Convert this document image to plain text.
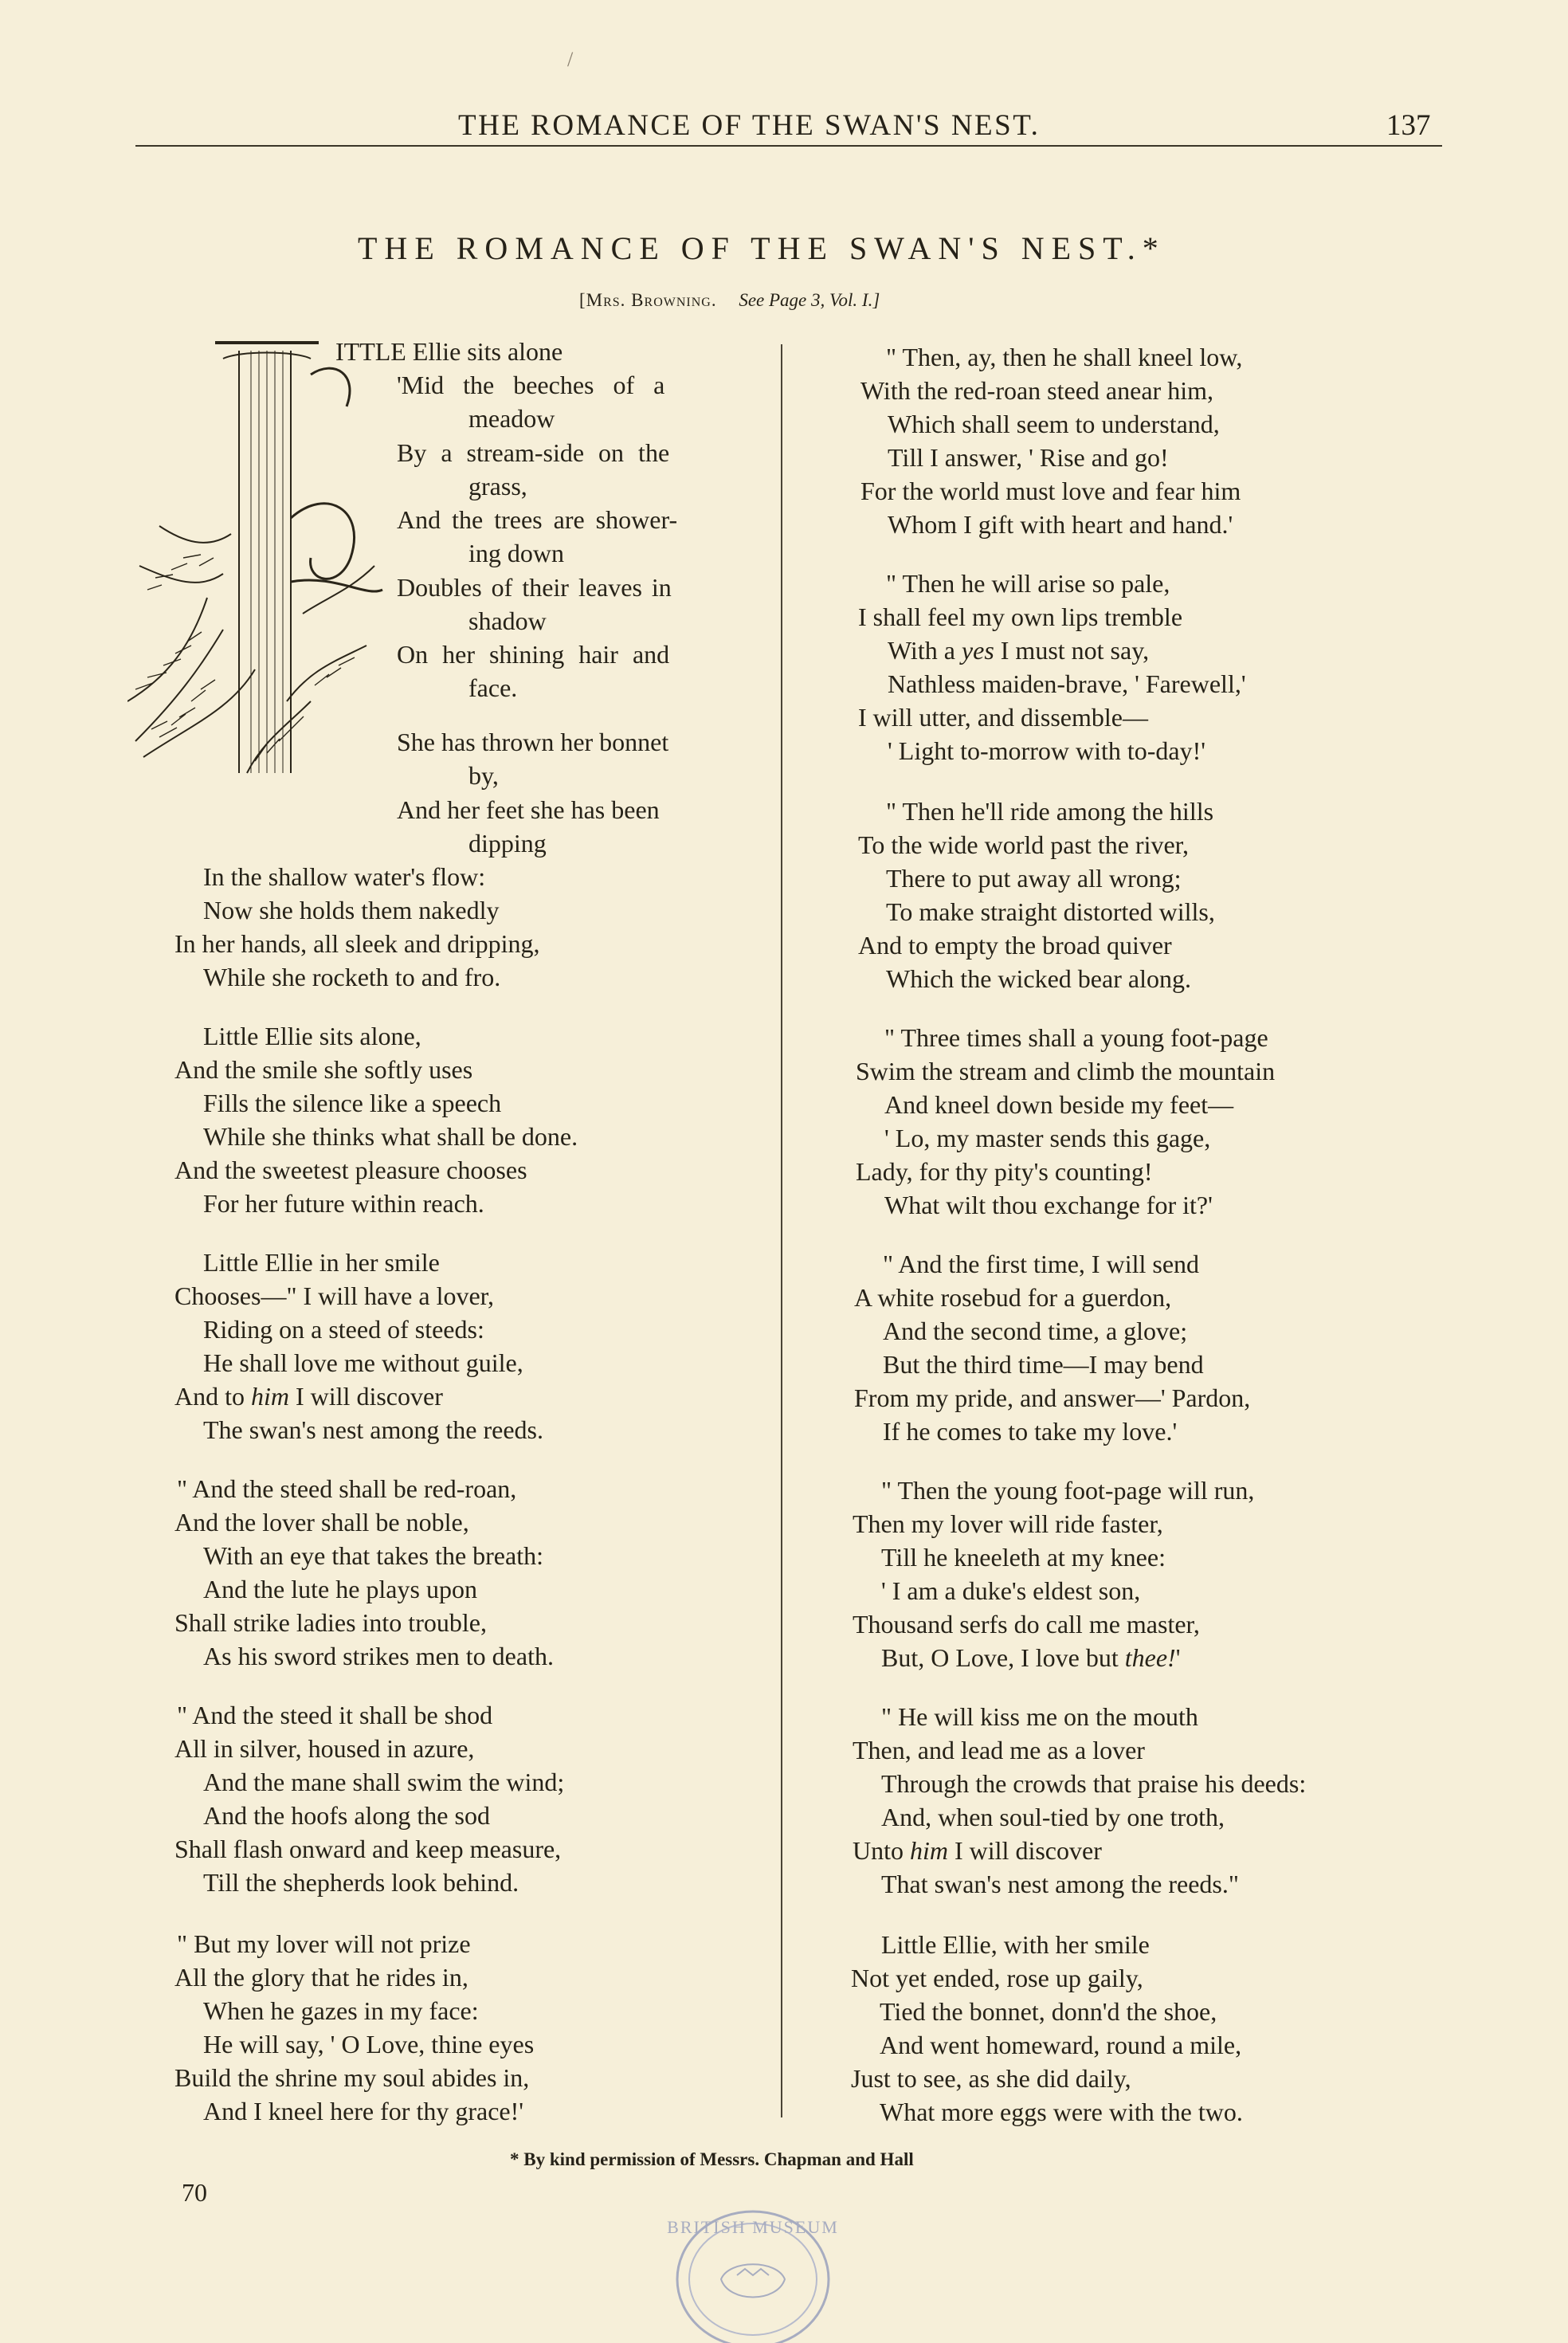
/
THE ROMANCE OF THE SWAN'S NEST.	137
THE ROMANCE OF THE SWAN'S NEST.*
[Mrs. Browning. See Page 3, Vol. I.]
ITTLE Ellie sits alone
'Mid the beeches of a
meadow
By a stream-side on the
grass,
And the trees are shower-
ing down
Doubles of their leaves in
shadow
On her shining hair and
face.
She has thrown her bonnet
by,
And her feet she has been
dipping
In the shallow water's flow:
Now she holds them nakedly
In her hands, all sleek and dripping,
While she rocketh to and fro.
Little Ellie sits alone,
And the smile she softly uses
Fills the silence like a speech
While she thinks what shall be done.
And the sweetest pleasure chooses
For her future within reach.
Little Ellie in her smile
Chooses—" I will have a lover,
Riding on a steed of steeds:
He shall love me without guile,
And to him I will discover
The swan's nest among the reeds.
" And the steed shall be red-roan,
And the lover shall be noble,
With an eye that takes the breath:
And the lute he plays upon
Shall strike ladies into trouble,
As his sword strikes men to death.
" And the steed it shall be shod
All in silver, housed in azure,
And the mane shall swim the wind;
And the hoofs along the sod
Shall flash onward and keep measure,
Till the shepherds look behind.
" But my lover will not prize
All the glory that he rides in,
When he gazes in my face:
He will say, ' O Love, thine eyes
Build the shrine my soul abides in,
And I kneel here for thy grace!'
" Then, ay, then he shall kneel low,
With the red-roan steed anear him,
Which shall seem to understand,
Till I answer, ' Rise and go!
For the world must love and fear him
Whom I gift with heart and hand.'
" Then he will arise so pale,
I shall feel my own lips tremble
With a yes I must not say,
Nathless maiden-brave, ' Farewell,'
I will utter, and dissemble—
' Light to-morrow with to-day!'
" Then he'll ride among the hills
To the wide world past the river,
There to put away all wrong;
To make straight distorted wills,
And to empty the broad quiver
Which the wicked bear along.
" Three times shall a young foot-page
Swim the stream and climb the mountain
And kneel down beside my feet—
' Lo, my master sends this gage,
Lady, for thy pity's counting!
What wilt thou exchange for it?'
" And the first time, I will send
A white rosebud for a guerdon,
And the second time, a glove;
But the third time—I may bend
From my pride, and answer—' Pardon,
If he comes to take my love.'
" Then the young foot-page will run,
Then my lover will ride faster,
Till he kneeleth at my knee:
' I am a duke's eldest son,
Thousand serfs do call me master,
But, O Love, I love but thee!'
" He will kiss me on the mouth
Then, and lead me as a lover
Through the crowds that praise his deeds:
And, when soul-tied by one troth,
Unto him I will discover
That swan's nest among the reeds."
Little Ellie, with her smile
Not yet ended, rose up gaily,
Tied the bonnet, donn'd the shoe,
And went homeward, round a mile,
Just to see, as she did daily,
What more eggs were with the two.
* By kind permission of Messrs. Chapman and Hall
70
BRITISH MUSEUM
